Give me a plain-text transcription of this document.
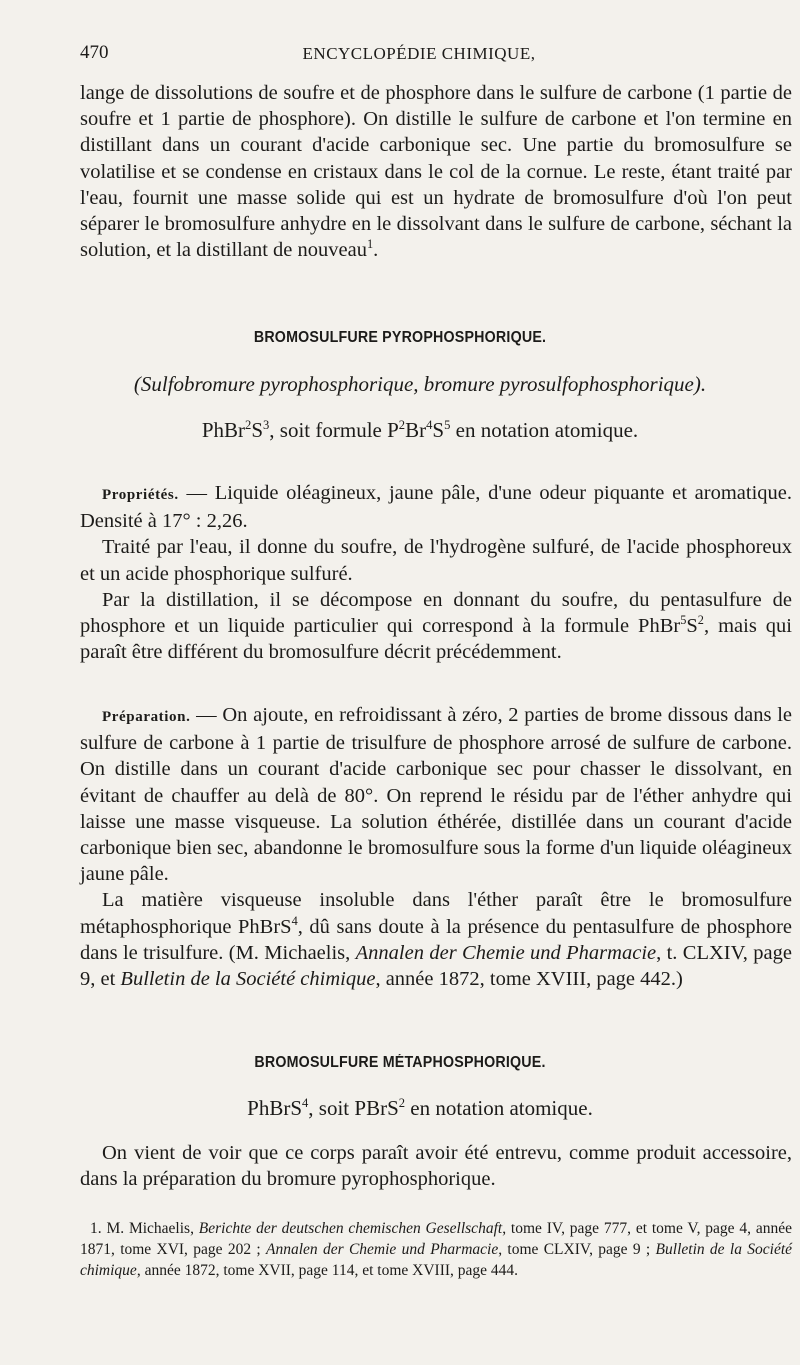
470	ENCYCLOPÉDIE CHIMIQUE,

lange de dissolutions de soufre et de phosphore dans le sulfure de carbone (1 partie de soufre et 1 partie de phosphore). On distille le sulfure de carbone et l'on termine en distillant dans un courant d'acide carbonique sec. Une partie du bromosulfure se volatilise et se condense en cristaux dans le col de la cornue. Le reste, étant traité par l'eau, fournit une masse solide qui est un hydrate de bromosulfure d'où l'on peut séparer le bromosulfure anhydre en le dissolvant dans le sulfure de carbone, séchant la solution, et la distillant de nouveau$^1$.

BROMOSULFURE PYROPHOSPHORIQUE.
(Sulfobromure pyrophosphorique, bromure pyrosulfophosphorique).
$PhBr^2S^3$, soit formule $P^2Br^4S^5$ en notation atomique.

Propriétés. — Liquide oléagineux, jaune pâle, d'une odeur piquante et aromatique. Densité à 17° : 2,26.

Traité par l'eau, il donne du soufre, de l'hydrogène sulfuré, de l'acide phosphoreux et un acide phosphorique sulfuré.

Par la distillation, il se décompose en donnant du soufre, du pentasulfure de phosphore et un liquide particulier qui correspond à la formule $PhBr^5S^2$, mais qui paraît être différent du bromosulfure décrit précédemment.

Préparation. — On ajoute, en refroidissant à zéro, 2 parties de brome dissous dans le sulfure de carbone à 1 partie de trisulfure de phosphore arrosé de sulfure de carbone. On distille dans un courant d'acide carbonique sec pour chasser le dissolvant, en évitant de chauffer au delà de 80°. On reprend le résidu par de l'éther anhydre qui laisse une masse visqueuse. La solution éthérée, distillée dans un courant d'acide carbonique bien sec, abandonne le bromosulfure sous la forme d'un liquide oléagineux jaune pâle.

La matière visqueuse insoluble dans l'éther paraît être le bromosulfure métaphosphorique PhBrS$^4$, dû sans doute à la présence du pentasulfure de phosphore dans le trisulfure. (M. Michaelis, Annalen der Chemie und Pharmacie, t. CLXIV, page 9, et Bulletin de la Société chimique, année 1872, tome XVIII, page 442.)

BROMOSULFURE MÉTAPHOSPHORIQUE.
PhBrS$^4$, soit PBrS$^2$ en notation atomique.

On vient de voir que ce corps paraît avoir été entrevu, comme produit accessoire, dans la préparation du bromure pyrophosphorique.

1. M. Michaelis, Berichte der deutschen chemischen Gesellschaft, tome IV, page 777, et tome V, page 4, année 1871, tome XVI, page 202 ; Annalen der Chemie und Pharmacie, tome CLXIV, page 9 ; Bulletin de la Société chimique, année 1872, tome XVII, page 114, et tome XVIII, page 444.
